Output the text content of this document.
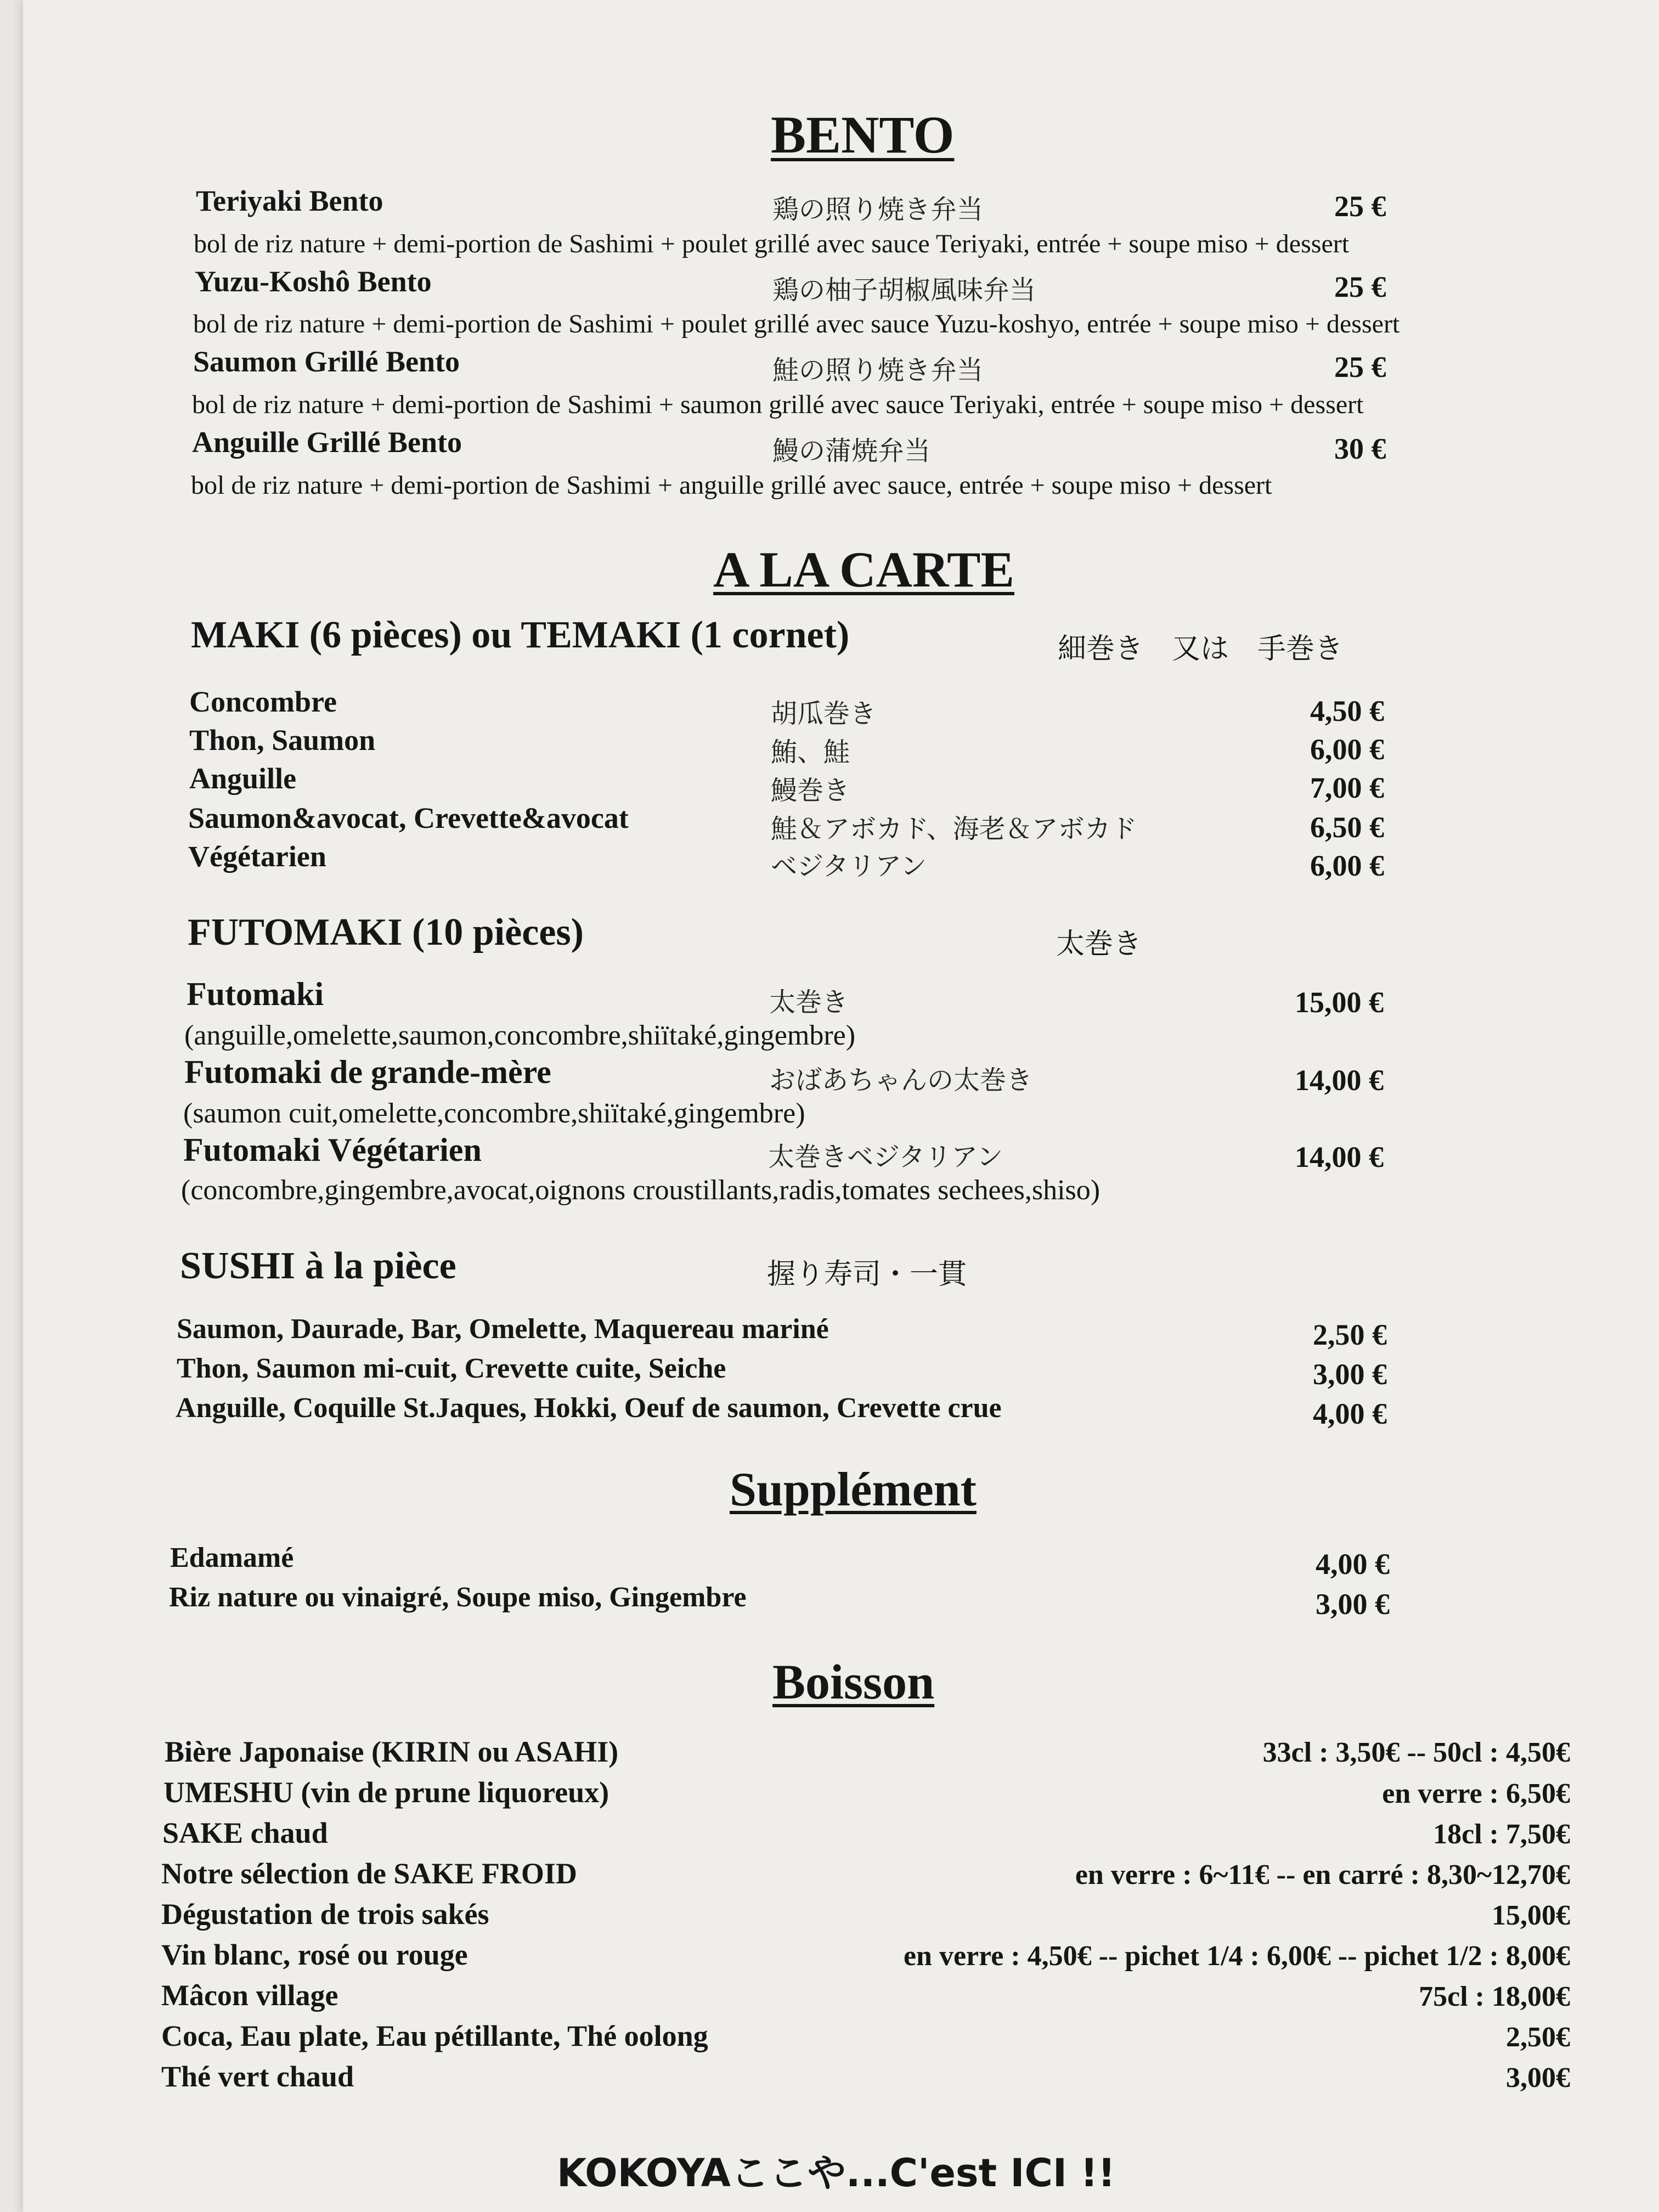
BENTO
Teriyaki Bento	鶏の照り焼き弁当	25 €
bol de riz nature + demi-portion de Sashimi + poulet grillé avec sauce Teriyaki, entrée + soupe miso + dessert
Yuzu-Koshô Bento	鶏の柚子胡椒風味弁当	25 €
bol de riz nature + demi-portion de Sashimi + poulet grillé avec sauce Yuzu-koshyo, entrée + soupe miso + dessert
Saumon Grillé Bento	鮭の照り焼き弁当	25 €
bol de riz nature + demi-portion de Sashimi + saumon grillé avec sauce Teriyaki, entrée + soupe miso + dessert
Anguille Grillé Bento	鰻の蒲焼弁当	30 €
bol de riz nature + demi-portion de Sashimi + anguille grillé avec sauce, entrée + soupe miso + dessert
A LA CARTE
MAKI (6 pièces) ou TEMAKI (1 cornet)	細巻き　又は　手巻き
Concombre	胡瓜巻き	4,50 €
Thon, Saumon	鮪、鮭	6,00 €
Anguille	鰻巻き	7,00 €
Saumon&avocat, Crevette&avocat	鮭＆アボカド、海老＆アボカド	6,50 €
Végétarien	ベジタリアン	6,00 €
FUTOMAKI (10 pièces)	太巻き
Futomaki	太巻き	15,00 €
(anguille,omelette,saumon,concombre,shiïtaké,gingembre)
Futomaki de grande-mère	おばあちゃんの太巻き	14,00 €
(saumon cuit,omelette,concombre,shiïtaké,gingembre)
Futomaki Végétarien	太巻きベジタリアン	14,00 €
(concombre,gingembre,avocat,oignons croustillants,radis,tomates sechees,shiso)
SUSHI à la pièce	握り寿司・一貫
Saumon, Daurade, Bar, Omelette, Maquereau mariné	2,50 €
Thon, Saumon mi-cuit, Crevette cuite, Seiche	3,00 €
Anguille, Coquille St.Jaques, Hokki, Oeuf de saumon, Crevette crue	4,00 €
Supplément
Edamamé	4,00 €
Riz nature ou vinaigré, Soupe miso, Gingembre	3,00 €
Boisson
Bière Japonaise (KIRIN ou ASAHI)	33cl : 3,50€ -- 50cl : 4,50€
UMESHU (vin de prune liquoreux)	en verre : 6,50€
SAKE chaud	18cl : 7,50€
Notre sélection de SAKE FROID	en verre : 6~11€ -- en carré : 8,30~12,70€
Dégustation de trois sakés	15,00€
Vin blanc, rosé ou rouge	en verre : 4,50€ -- pichet 1/4 : 6,00€ -- pichet 1/2 : 8,00€
Mâcon village	75cl : 18,00€
Coca, Eau plate, Eau pétillante, Thé oolong	2,50€
Thé vert chaud	3,00€
KOKOYAここや...C'est ICI !!
